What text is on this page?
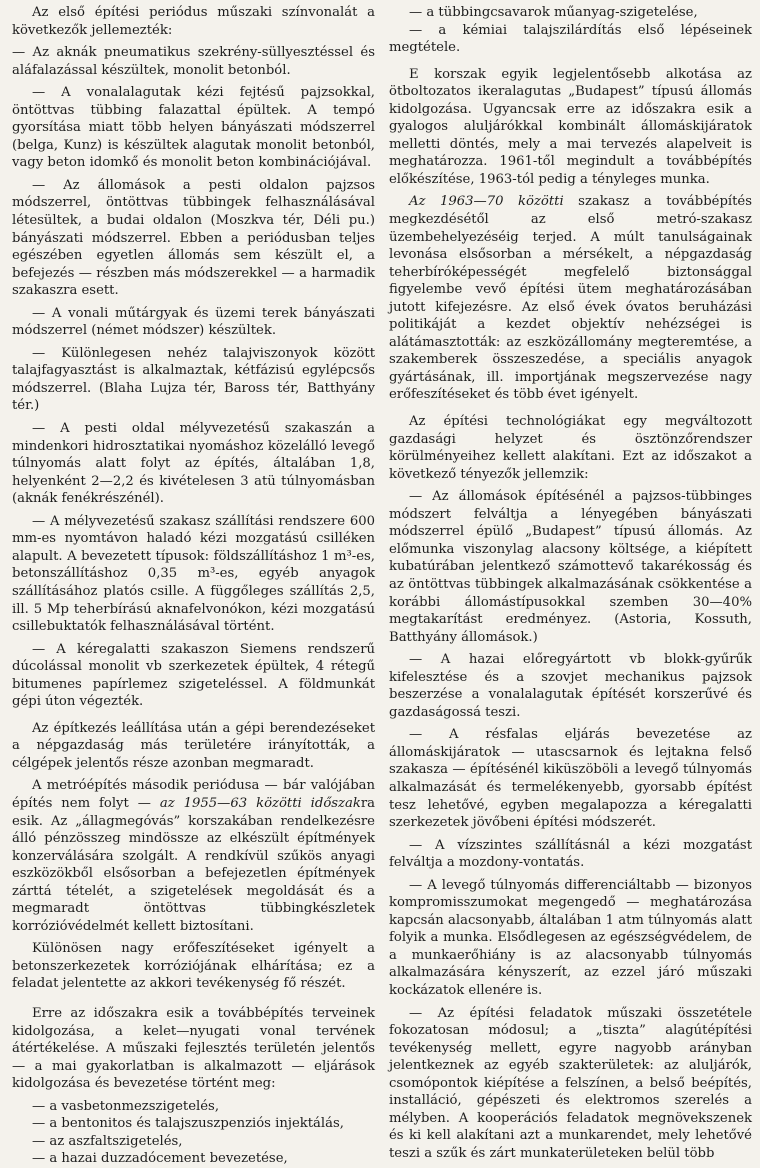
Az első építési periódus műszaki színvonalát a következők jellemezték:

— Az aknák pneumatikus szekrény-süllyesztéssel és aláfalazással készültek, monolit betonból.

— A vonalalagutak kézi fejtésű pajzsokkal, öntöttvas tübbing falazattal épültek. A tempó gyorsítása miatt több helyen bányászati módszerrel (belga, Kunz) is készültek alagutak monolit betonból, vagy beton idomkő és monolit beton kombinációjával.

— Az állomások a pesti oldalon pajzsos módszerrel, öntöttvas tübbingek felhasználásával létesültek, a budai oldalon (Moszkva tér, Déli pu.) bányászati módszerrel. Ebben a periódusban teljes egészében egyetlen állomás sem készült el, a befejezés — részben más módszerekkel — a harmadik szakaszra esett.

— A vonali műtárgyak és üzemi terek bányászati módszerrel (német módszer) készültek.

— Különlegesen nehéz talajviszonyok között talajfagyasztást is alkalmaztak, kétfázisú egylépcsős módszerrel. (Blaha Lujza tér, Baross tér, Batthyány tér.)

— A pesti oldal mélyvezetésű szakaszán a mindenkori hidrosztatikai nyomáshoz közelálló levegő túlnyomás alatt folyt az építés, általában 1,8, helyenként 2—2,2 és kivételesen 3 atü túlnyomásban (aknák fenékrészénél).

— A mélyvezetésű szakasz szállítási rendszere 600 mm-es nyomtávon haladó kézi mozgatású csilléken alapult. A bevezetett típusok: földszállításhoz 1 m³-es, betonszállításhoz 0,35 m³-es, egyéb anyagok szállításához platós csille. A függőleges szállítás 2,5, ill. 5 Mp teherbírású aknafelvonókon, kézi mozgatású csillebuktatók felhasználásával történt.

— A kéregalatti szakaszon Siemens rendszerű dúcolással monolit vb szerkezetek épültek, 4 rétegű bitumenes papírlemez szigeteléssel. A földmunkát gépi úton végezték.

Az építkezés leállítása után a gépi berendezéseket a népgazdaság más területére irányították, a célgépek jelentős része azonban megmaradt.

A metróépítés második periódusa — bár valójában építés nem folyt — az 1955—63 közötti időszakra esik. Az „állagmegóvás” korszakában rendelkezésre álló pénzösszeg mindössze az elkészült építmények konzerválására szolgált. A rendkívül szűkös anyagi eszközökből elsősorban a befejezetlen építmények zárttá tételét, a szigetelések megoldását és a megmaradt öntöttvas tübbingkészletek korrózióvédelmét kellett biztosítani.

Különösen nagy erőfeszítéseket igényelt a betonszerkezetek korróziójának elhárítása; ez a feladat jelentette az akkori tevékenység fő részét.

Erre az időszakra esik a továbbépítés terveinek kidolgozása, a kelet—nyugati vonal tervének átértékelése. A műszaki fejlesztés területén jelentős — a mai gyakorlatban is alkalmazott — eljárások kidolgozása és bevezetése történt meg:

— a vasbetonmezszigetelés,

— a bentonitos és talajszuszpenziós injektálás,

— az aszfaltszigetelés,

— a hazai duzzadócement bevezetése,

— a tübbingcsavarok műanyag-szigetelése,

— a kémiai talajszilárdítás első lépéseinek megtétele.

E korszak egyik legjelentősebb alkotása az ötboltozatos ikeralagutas „Budapest” típusú állomás kidolgozása. Ugyancsak erre az időszakra esik a gyalogos aluljárókkal kombinált állomáskijáratok melletti döntés, mely a mai tervezés alapelveit is meghatározza. 1961-től megindult a továbbépítés előkészítése, 1963-tól pedig a tényleges munka.

Az 1963—70 közötti szakasz a továbbépítés megkezdésétől az első metró-szakasz üzembehelyezéséig terjed. A múlt tanulságainak levonása elsősorban a mérsékelt, a népgazdaság teherbíróképességét megfelelő biztonsággal figyelembe vevő építési ütem meghatározásában jutott kifejezésre. Az első évek óvatos beruházási politikáját a kezdet objektív nehézségei is alátámasztották: az eszközállomány megteremtése, a szakemberek összeszedése, a speciális anyagok gyártásának, ill. importjának megszervezése nagy erőfeszítéseket és több évet igényelt.

Az építési technológiákat egy megváltozott gazdasági helyzet és ösztönzőrendszer körülményeihez kellett alakítani. Ezt az időszakot a következő tényezők jellemzik:

— Az állomások építésénél a pajzsos-tübbinges módszert felváltja a lényegében bányászati módszerrel épülő „Budapest” típusú állomás. Az előmunka viszonylag alacsony költsége, a kiépített kubatúrában jelentkező számottevő takarékosság és az öntöttvas tübbingek alkalmazásának csökkentése a korábbi állomástípusokkal szemben 30—40% megtakarítást eredményez. (Astoria, Kossuth, Batthyány állomások.)

— A hazai előregyártott vb blokk-gyűrűk kifelesztése és a szovjet mechanikus pajzsok beszerzése a vonalalagutak építését korszerűvé és gazdaságossá teszi.

— A résfalas eljárás bevezetése az állomáskijáratok — utascsarnok és lejtakna felső szakasza — építésénél kiküszöböli a levegő túlnyomás alkalmazását és termelékenyebb, gyorsabb építést tesz lehetővé, egyben megalapozza a kéregalatti szerkezetek jövőbeni építési módszerét.

— A vízszintes szállításnál a kézi mozgatást felváltja a mozdony-vontatás.

— A levegő túlnyomás differenciáltabb — bizonyos kompromisszumokat megengedő — meghatározása kapcsán alacsonyabb, általában 1 atm túlnyomás alatt folyik a munka. Elsődlegesen az egészségvédelem, de a munkaerőhiány is az alacsonyabb túlnyomás alkalmazására kényszerít, az ezzel járó műszaki kockázatok ellenére is.

— Az építési feladatok műszaki összetétele fokozatosan módosul; a „tiszta” alagútépítési tevékenység mellett, egyre nagyobb arányban jelentkeznek az egyéb szakterületek: az aluljárók, csomópontok kiépítése a felszínen, a belső beépítés, installáció, gépészeti és elektromos szerelés a mélyben. A kooperációs feladatok megnövekszenek és ki kell alakítani azt a munkarendet, mely lehetővé teszi a szűk és zárt munkaterületeken belül több
